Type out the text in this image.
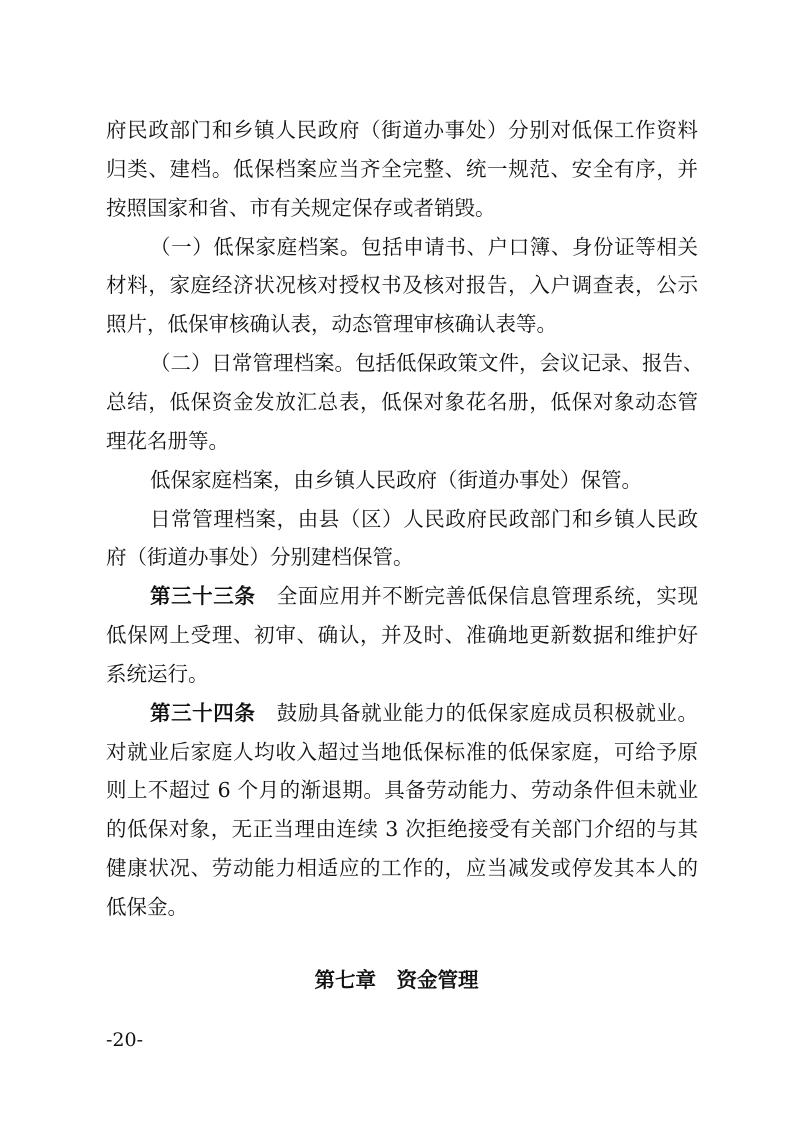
府民政部门和乡镇人民政府（街道办事处）分别对低保工作资料
归类、建档。低保档案应当齐全完整、统一规范、安全有序，并
按照国家和省、市有关规定保存或者销毁。
（一）低保家庭档案。包括申请书、户口簿、身份证等相关
材料，家庭经济状况核对授权书及核对报告，入户调查表，公示
照片，低保审核确认表，动态管理审核确认表等。
（二）日常管理档案。包括低保政策文件，会议记录、报告、
总结，低保资金发放汇总表，低保对象花名册，低保对象动态管
理花名册等。
低保家庭档案，由乡镇人民政府（街道办事处）保管。
日常管理档案，由县（区）人民政府民政部门和乡镇人民政
府（街道办事处）分别建档保管。
第三十三条 全面应用并不断完善低保信息管理系统，实现
低保网上受理、初审、确认，并及时、准确地更新数据和维护好
系统运行。
第三十四条 鼓励具备就业能力的低保家庭成员积极就业。
对就业后家庭人均收入超过当地低保标准的低保家庭，可给予原
则上不超过 6 个月的渐退期。具备劳动能力、劳动条件但未就业
的低保对象，无正当理由连续 3 次拒绝接受有关部门介绍的与其
健康状况、劳动能力相适应的工作的，应当减发或停发其本人的
低保金。
-20-
第七章　资金管理
